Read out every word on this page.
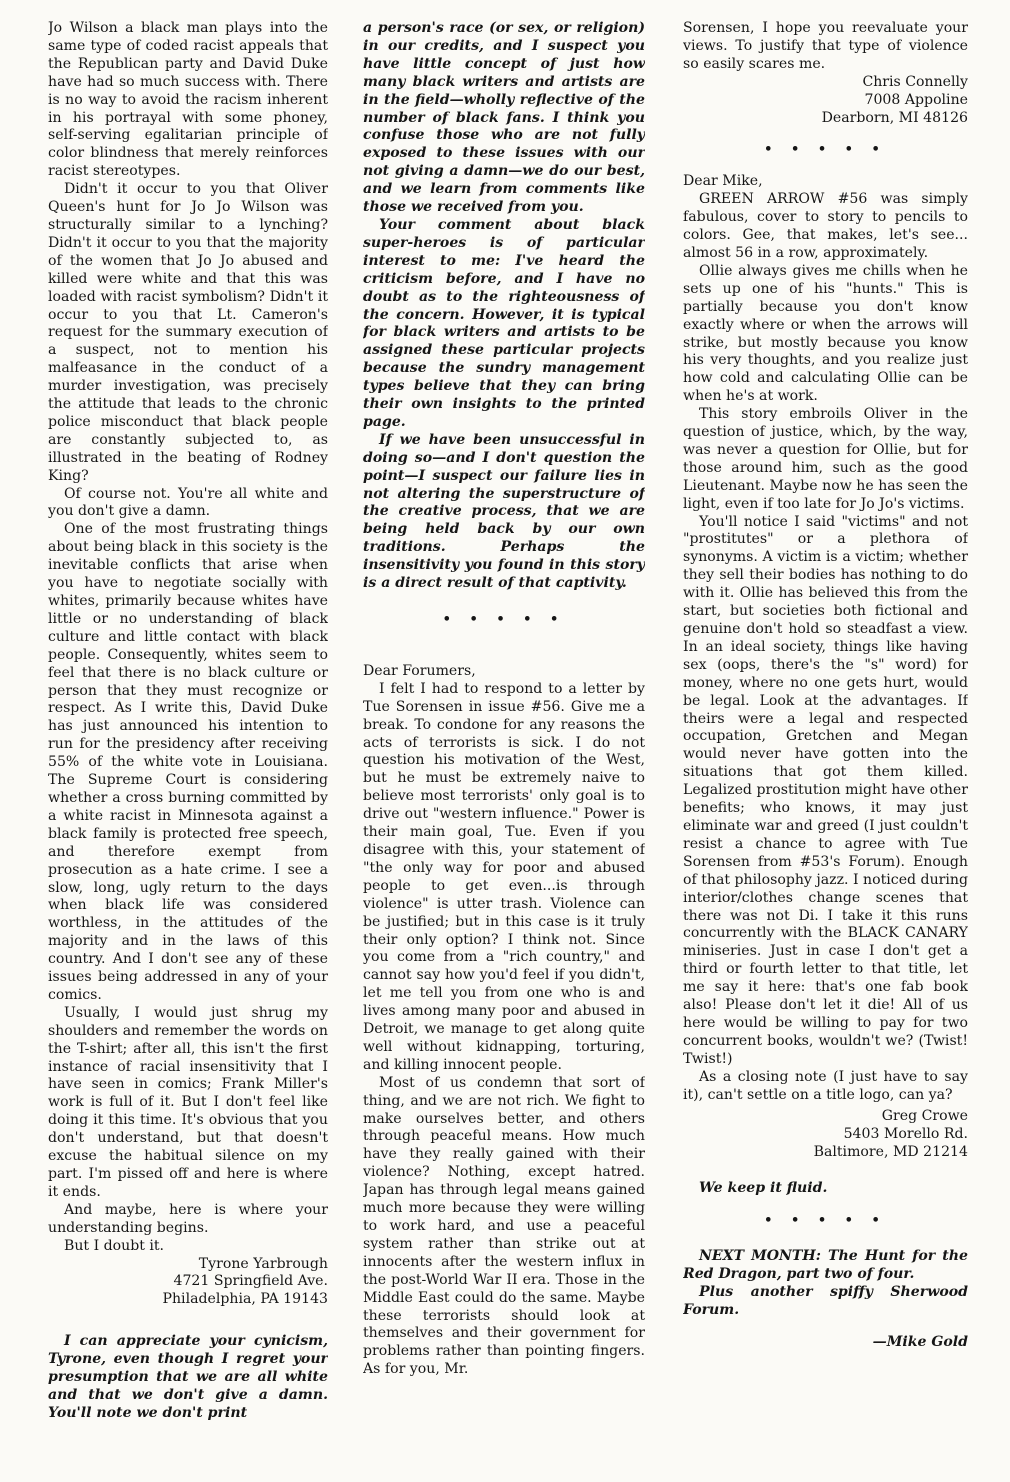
Jo Wilson a black man plays into the same type of coded racist appeals that the Republican party and David Duke have had so much success with. There is no way to avoid the racism inherent in his portrayal with some phoney, self-serving egalitarian principle of color blindness that merely reinforces racist stereotypes.

Didn't it occur to you that Oliver Queen's hunt for Jo Jo Wilson was structurally similar to a lynching? Didn't it occur to you that the majority of the women that Jo Jo abused and killed were white and that this was loaded with racist symbolism? Didn't it occur to you that Lt. Cameron's request for the summary execution of a suspect, not to mention his malfeasance in the conduct of a murder investigation, was precisely the attitude that leads to the chronic police misconduct that black people are constantly subjected to, as illustrated in the beating of Rodney King?

Of course not. You're all white and you don't give a damn.

One of the most frustrating things about being black in this society is the inevitable conflicts that arise when you have to negotiate socially with whites, primarily because whites have little or no understanding of black culture and little contact with black people. Consequently, whites seem to feel that there is no black culture or person that they must recognize or respect. As I write this, David Duke has just announced his intention to run for the presidency after receiving 55% of the white vote in Louisiana. The Supreme Court is considering whether a cross burning committed by a white racist in Minnesota against a black family is protected free speech, and therefore exempt from prosecution as a hate crime. I see a slow, long, ugly return to the days when black life was considered worthless, in the attitudes of the majority and in the laws of this country. And I don't see any of these issues being addressed in any of your comics.

Usually, I would just shrug my shoulders and remember the words on the T-shirt; after all, this isn't the first instance of racial insensitivity that I have seen in comics; Frank Miller's work is full of it. But I don't feel like doing it this time. It's obvious that you don't understand, but that doesn't excuse the habitual silence on my part. I'm pissed off and here is where it ends.

And maybe, here is where your understanding begins.

But I doubt it.

Tyrone Yarbrough
4721 Springfield Ave.
Philadelphia, PA 19143

I can appreciate your cynicism, Tyrone, even though I regret your presumption that we are all white and that we don't give a damn. You'll note we don't print

a person's race (or sex, or religion) in our credits, and I suspect you have little concept of just how many black writers and artists are in the field—wholly reflective of the number of black fans. I think you confuse those who are not fully exposed to these issues with our not giving a damn—we do our best, and we learn from comments like those we received from you.

Your comment about black super-heroes is of particular interest to me: I've heard the criticism before, and I have no doubt as to the righteousness of the concern. However, it is typical for black writers and artists to be assigned these particular projects because the sundry management types believe that they can bring their own insights to the printed page.

If we have been unsuccessful in doing so—and I don't question the point—I suspect our failure lies in not altering the superstructure of the creative process, that we are being held back by our own traditions. Perhaps the insensitivity you found in this story is a direct result of that captivity.

• • • • •

Dear Forumers,

I felt I had to respond to a letter by Tue Sorensen in issue #56. Give me a break. To condone for any reasons the acts of terrorists is sick. I do not question his motivation of the West, but he must be extremely naive to believe most terrorists' only goal is to drive out "western influence." Power is their main goal, Tue. Even if you disagree with this, your statement of "the only way for poor and abused people to get even...is through violence" is utter trash. Violence can be justified; but in this case is it truly their only option? I think not. Since you come from a "rich country," and cannot say how you'd feel if you didn't, let me tell you from one who is and lives among many poor and abused in Detroit, we manage to get along quite well without kidnapping, torturing, and killing innocent people.

Most of us condemn that sort of thing, and we are not rich. We fight to make ourselves better, and others through peaceful means. How much have they really gained with their violence? Nothing, except hatred. Japan has through legal means gained much more because they were willing to work hard, and use a peaceful system rather than strike out at innocents after the western influx in the post-World War II era. Those in the Middle East could do the same. Maybe these terrorists should look at themselves and their government for problems rather than pointing fingers. As for you, Mr.

Sorensen, I hope you reevaluate your views. To justify that type of violence so easily scares me.

Chris Connelly
7008 Appoline
Dearborn, MI 48126

• • • • •

Dear Mike,

GREEN ARROW #56 was simply fabulous, cover to story to pencils to colors. Gee, that makes, let's see... almost 56 in a row, approximately.

Ollie always gives me chills when he sets up one of his "hunts." This is partially because you don't know exactly where or when the arrows will strike, but mostly because you know his very thoughts, and you realize just how cold and calculating Ollie can be when he's at work.

This story embroils Oliver in the question of justice, which, by the way, was never a question for Ollie, but for those around him, such as the good Lieutenant. Maybe now he has seen the light, even if too late for Jo Jo's victims.

You'll notice I said "victims" and not "prostitutes" or a plethora of synonyms. A victim is a victim; whether they sell their bodies has nothing to do with it. Ollie has believed this from the start, but societies both fictional and genuine don't hold so steadfast a view. In an ideal society, things like having sex (oops, there's the "s" word) for money, where no one gets hurt, would be legal. Look at the advantages. If theirs were a legal and respected occupation, Gretchen and Megan would never have gotten into the situations that got them killed. Legalized prostitution might have other benefits; who knows, it may just eliminate war and greed (I just couldn't resist a chance to agree with Tue Sorensen from #53's Forum). Enough of that philosophy jazz. I noticed during interior/clothes change scenes that there was not Di. I take it this runs concurrently with the BLACK CANARY miniseries. Just in case I don't get a third or fourth letter to that title, let me say it here: that's one fab book also! Please don't let it die! All of us here would be willing to pay for two concurrent books, wouldn't we? (Twist! Twist!)

As a closing note (I just have to say it), can't settle on a title logo, can ya?

Greg Crowe
5403 Morello Rd.
Baltimore, MD 21214

We keep it fluid.

• • • • •

NEXT MONTH: The Hunt for the Red Dragon, part two of four.

Plus another spiffy Sherwood Forum.

—Mike Gold
